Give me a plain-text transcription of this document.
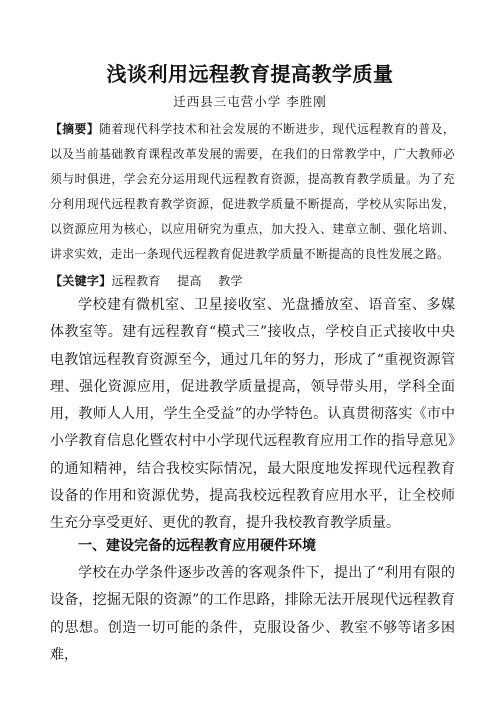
浅谈利用远程教育提高教学质量
迁西县三屯营小学 李胜刚
【摘要】随着现代科学技术和社会发展的不断进步，现代远程教育的普及，以及当前基础教育课程改革发展的需要，在我们的日常教学中，广大教师必须与时俱进，学会充分运用现代远程教育资源，提高教育教学质量。为了充分利用现代远程教育教学资源，促进教学质量不断提高，学校从实际出发，以资源应用为核心，以应用研究为重点，加大投入、建章立制、强化培训、讲求实效，走出一条现代远程教育促进教学质量不断提高的良性发展之路。
【关键字】远程教育    提高    教学
学校建有微机室、卫星接收室、光盘播放室、语音室、多媒体教室等。建有远程教育“模式三”接收点，学校自正式接收中央电教馆远程教育资源至今，通过几年的努力，形成了“重视资源管理、强化资源应用，促进教学质量提高，领导带头用，学科全面用，教师人人用，学生全受益”的办学特色。认真贯彻落实《市中小学教育信息化暨农村中小学现代远程教育应用工作的指导意见》的通知精神，结合我校实际情况，最大限度地发挥现代远程教育设备的作用和资源优势，提高我校远程教育应用水平，让全校师生充分享受更好、更优的教育，提升我校教育教学质量。
一、建设完备的远程教育应用硬件环境
学校在办学条件逐步改善的客观条件下，提出了“利用有限的设备，挖掘无限的资源”的工作思路，排除无法开展现代远程教育的思想。创造一切可能的条件，克服设备少、教室不够等诸多困难，
